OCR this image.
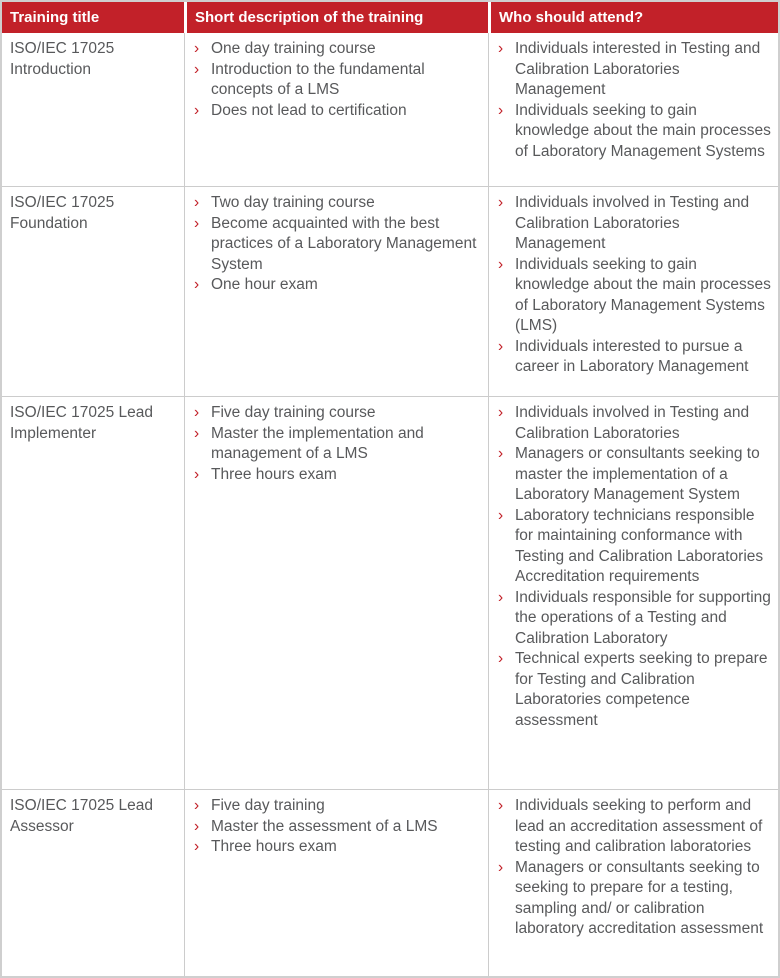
Training title	Short description of the training	Who should attend?
ISO/IEC 17025 Introduction
› One day training course
› Introduction to the fundamental concepts of a LMS
› Does not lead to certification
› Individuals interested in Testing and Calibration Laboratories Management
› Individuals seeking to gain knowledge about the main processes of Laboratory Management Systems
ISO/IEC 17025 Foundation
› Two day training course
› Become acquainted with the best practices of a Laboratory Management System
› One hour exam
› Individuals involved in Testing and Calibration Laboratories Management
› Individuals seeking to gain knowledge about the main processes of Laboratory Management Systems (LMS)
› Individuals interested to pursue a career in Laboratory Management
ISO/IEC 17025 Lead Implementer
› Five day training course
› Master the implementation and management of a LMS
› Three hours exam
› Individuals involved in Testing and Calibration Laboratories
› Managers or consultants seeking to master the implementation of a Laboratory Management System
› Laboratory technicians responsible for maintaining conformance with Testing and Calibration Laboratories Accreditation requirements
› Individuals responsible for supporting the operations of a Testing and Calibration Laboratory
› Technical experts seeking to prepare for Testing and Calibration Laboratories competence assessment
ISO/IEC 17025 Lead Assessor
› Five day training
› Master the assessment of a LMS
› Three hours exam
› Individuals seeking to perform and lead an accreditation assessment of testing and calibration laboratories
› Managers or consultants seeking to   seeking to prepare for a testing, sampling and/ or calibration laboratory accreditation assessment
